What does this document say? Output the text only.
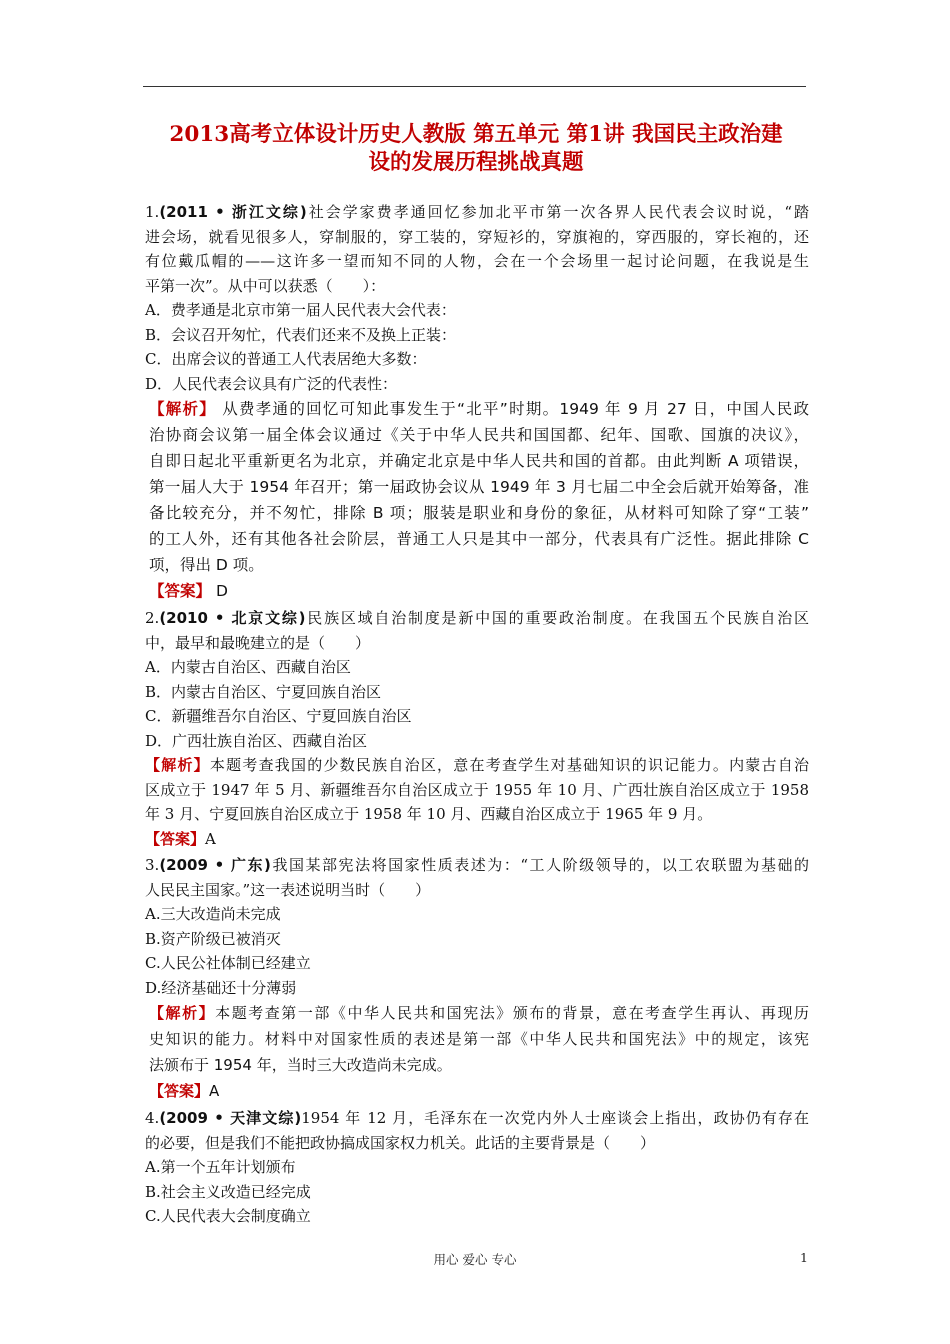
2013高考立体设计历史人教版 第五单元 第1讲 我国民主政治建
设的发展历程挑战真题
1.(2011 • 浙江文综)社会学家费孝通回忆参加北平市第一次各界人民代表会议时说，“踏
进会场，就看见很多人，穿制服的，穿工装的，穿短衫的，穿旗袍的，穿西服的，穿长袍的，还
有位戴瓜帽的——这许多一望而知不同的人物，会在一个会场里一起讨论问题，在我说是生
平第一次”。从中可以获悉（　　）：
A．费孝通是北京市第一届人民代表大会代表：
B．会议召开匆忙，代表们还来不及换上正装：
C．出席会议的普通工人代表居绝大多数：
D．人民代表会议具有广泛的代表性：
【解析】 从费孝通的回忆可知此事发生于“北平”时期。1949 年 9 月 27 日，中国人民政
治协商会议第一届全体会议通过《关于中华人民共和国国都、纪年、国歌、国旗的决议》，
自即日起北平重新更名为北京，并确定北京是中华人民共和国的首都。由此判断 A 项错误，
第一届人大于 1954 年召开；第一届政协会议从 1949 年 3 月七届二中全会后就开始筹备，准
备比较充分，并不匆忙，排除 B 项；服装是职业和身份的象征，从材料可知除了穿“工装”
的工人外，还有其他各社会阶层，普通工人只是其中一部分，代表具有广泛性。据此排除 C
项，得出 D 项。
【答案】 D
2.(2010 • 北京文综)民族区域自治制度是新中国的重要政治制度。在我国五个民族自治区
中，最早和最晚建立的是（　　）
A．内蒙古自治区、西藏自治区
B．内蒙古自治区、宁夏回族自治区
C．新疆维吾尔自治区、宁夏回族自治区
D．广西壮族自治区、西藏自治区
【解析】本题考查我国的少数民族自治区，意在考查学生对基础知识的识记能力。内蒙古自治
区成立于 1947 年 5 月、新疆维吾尔自治区成立于 1955 年 10 月、广西壮族自治区成立于 1958
年 3 月、宁夏回族自治区成立于 1958 年 10 月、西藏自治区成立于 1965 年 9 月。
【答案】A
3.(2009 • 广东)我国某部宪法将国家性质表述为：“工人阶级领导的，以工农联盟为基础的
人民民主国家。”这一表述说明当时（　　）
A.三大改造尚未完成
B.资产阶级已被消灭
C.人民公社体制已经建立
D.经济基础还十分薄弱
【解析】本题考查第一部《中华人民共和国宪法》颁布的背景，意在考查学生再认、再现历
史知识的能力。材料中对国家性质的表述是第一部《中华人民共和国宪法》中的规定，该宪
法颁布于 1954 年，当时三大改造尚未完成。
【答案】A
4.(2009 • 天津文综)1954 年 12 月，毛泽东在一次党内外人士座谈会上指出，政协仍有存在
的必要，但是我们不能把政协搞成国家权力机关。此话的主要背景是（　　）
A.第一个五年计划颁布
B.社会主义改造已经完成
C.人民代表大会制度确立
用心 爱心 专心	1
